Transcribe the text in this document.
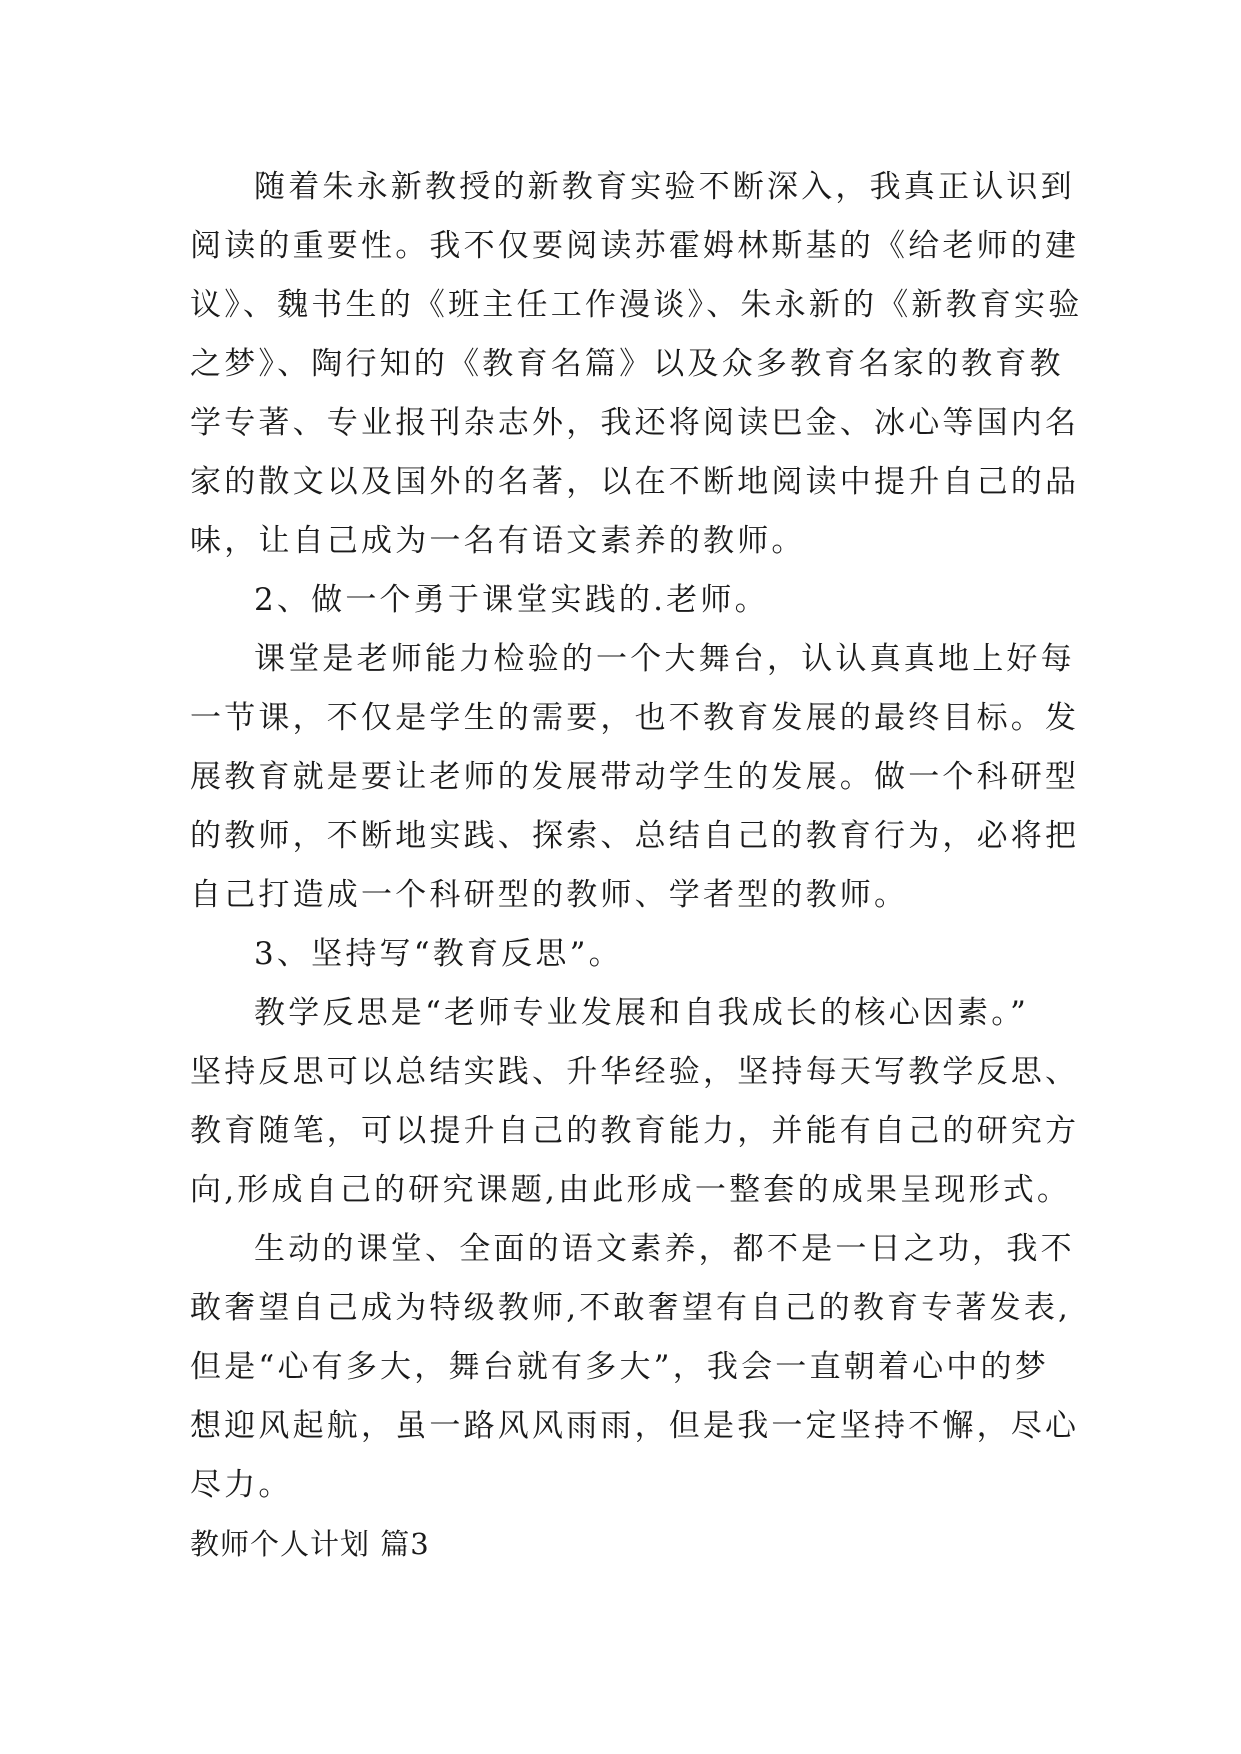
随着朱永新教授的新教育实验不断深入，我真正认识到
阅读的重要性。我不仅要阅读苏霍姆林斯基的《给老师的建
议》、魏书生的《班主任工作漫谈》、朱永新的《新教育实验
之梦》、陶行知的《教育名篇》以及众多教育名家的教育教
学专著、专业报刊杂志外，我还将阅读巴金、冰心等国内名
家的散文以及国外的名著，以在不断地阅读中提升自己的品
味，让自己成为一名有语文素养的教师。
2、做一个勇于课堂实践的.老师。
课堂是老师能力检验的一个大舞台，认认真真地上好每
一节课，不仅是学生的需要，也不教育发展的最终目标。发
展教育就是要让老师的发展带动学生的发展。做一个科研型
的教师，不断地实践、探索、总结自己的教育行为，必将把
自己打造成一个科研型的教师、学者型的教师。
3、坚持写“教育反思”。
教学反思是“老师专业发展和自我成长的核心因素。”
坚持反思可以总结实践、升华经验，坚持每天写教学反思、
教育随笔，可以提升自己的教育能力，并能有自己的研究方
向,形成自己的研究课题,由此形成一整套的成果呈现形式。
生动的课堂、全面的语文素养，都不是一日之功，我不
敢奢望自己成为特级教师,不敢奢望有自己的教育专著发表,
但是“心有多大，舞台就有多大”，我会一直朝着心中的梦
想迎风起航，虽一路风风雨雨，但是我一定坚持不懈，尽心
尽力。
教师个人计划 篇3
